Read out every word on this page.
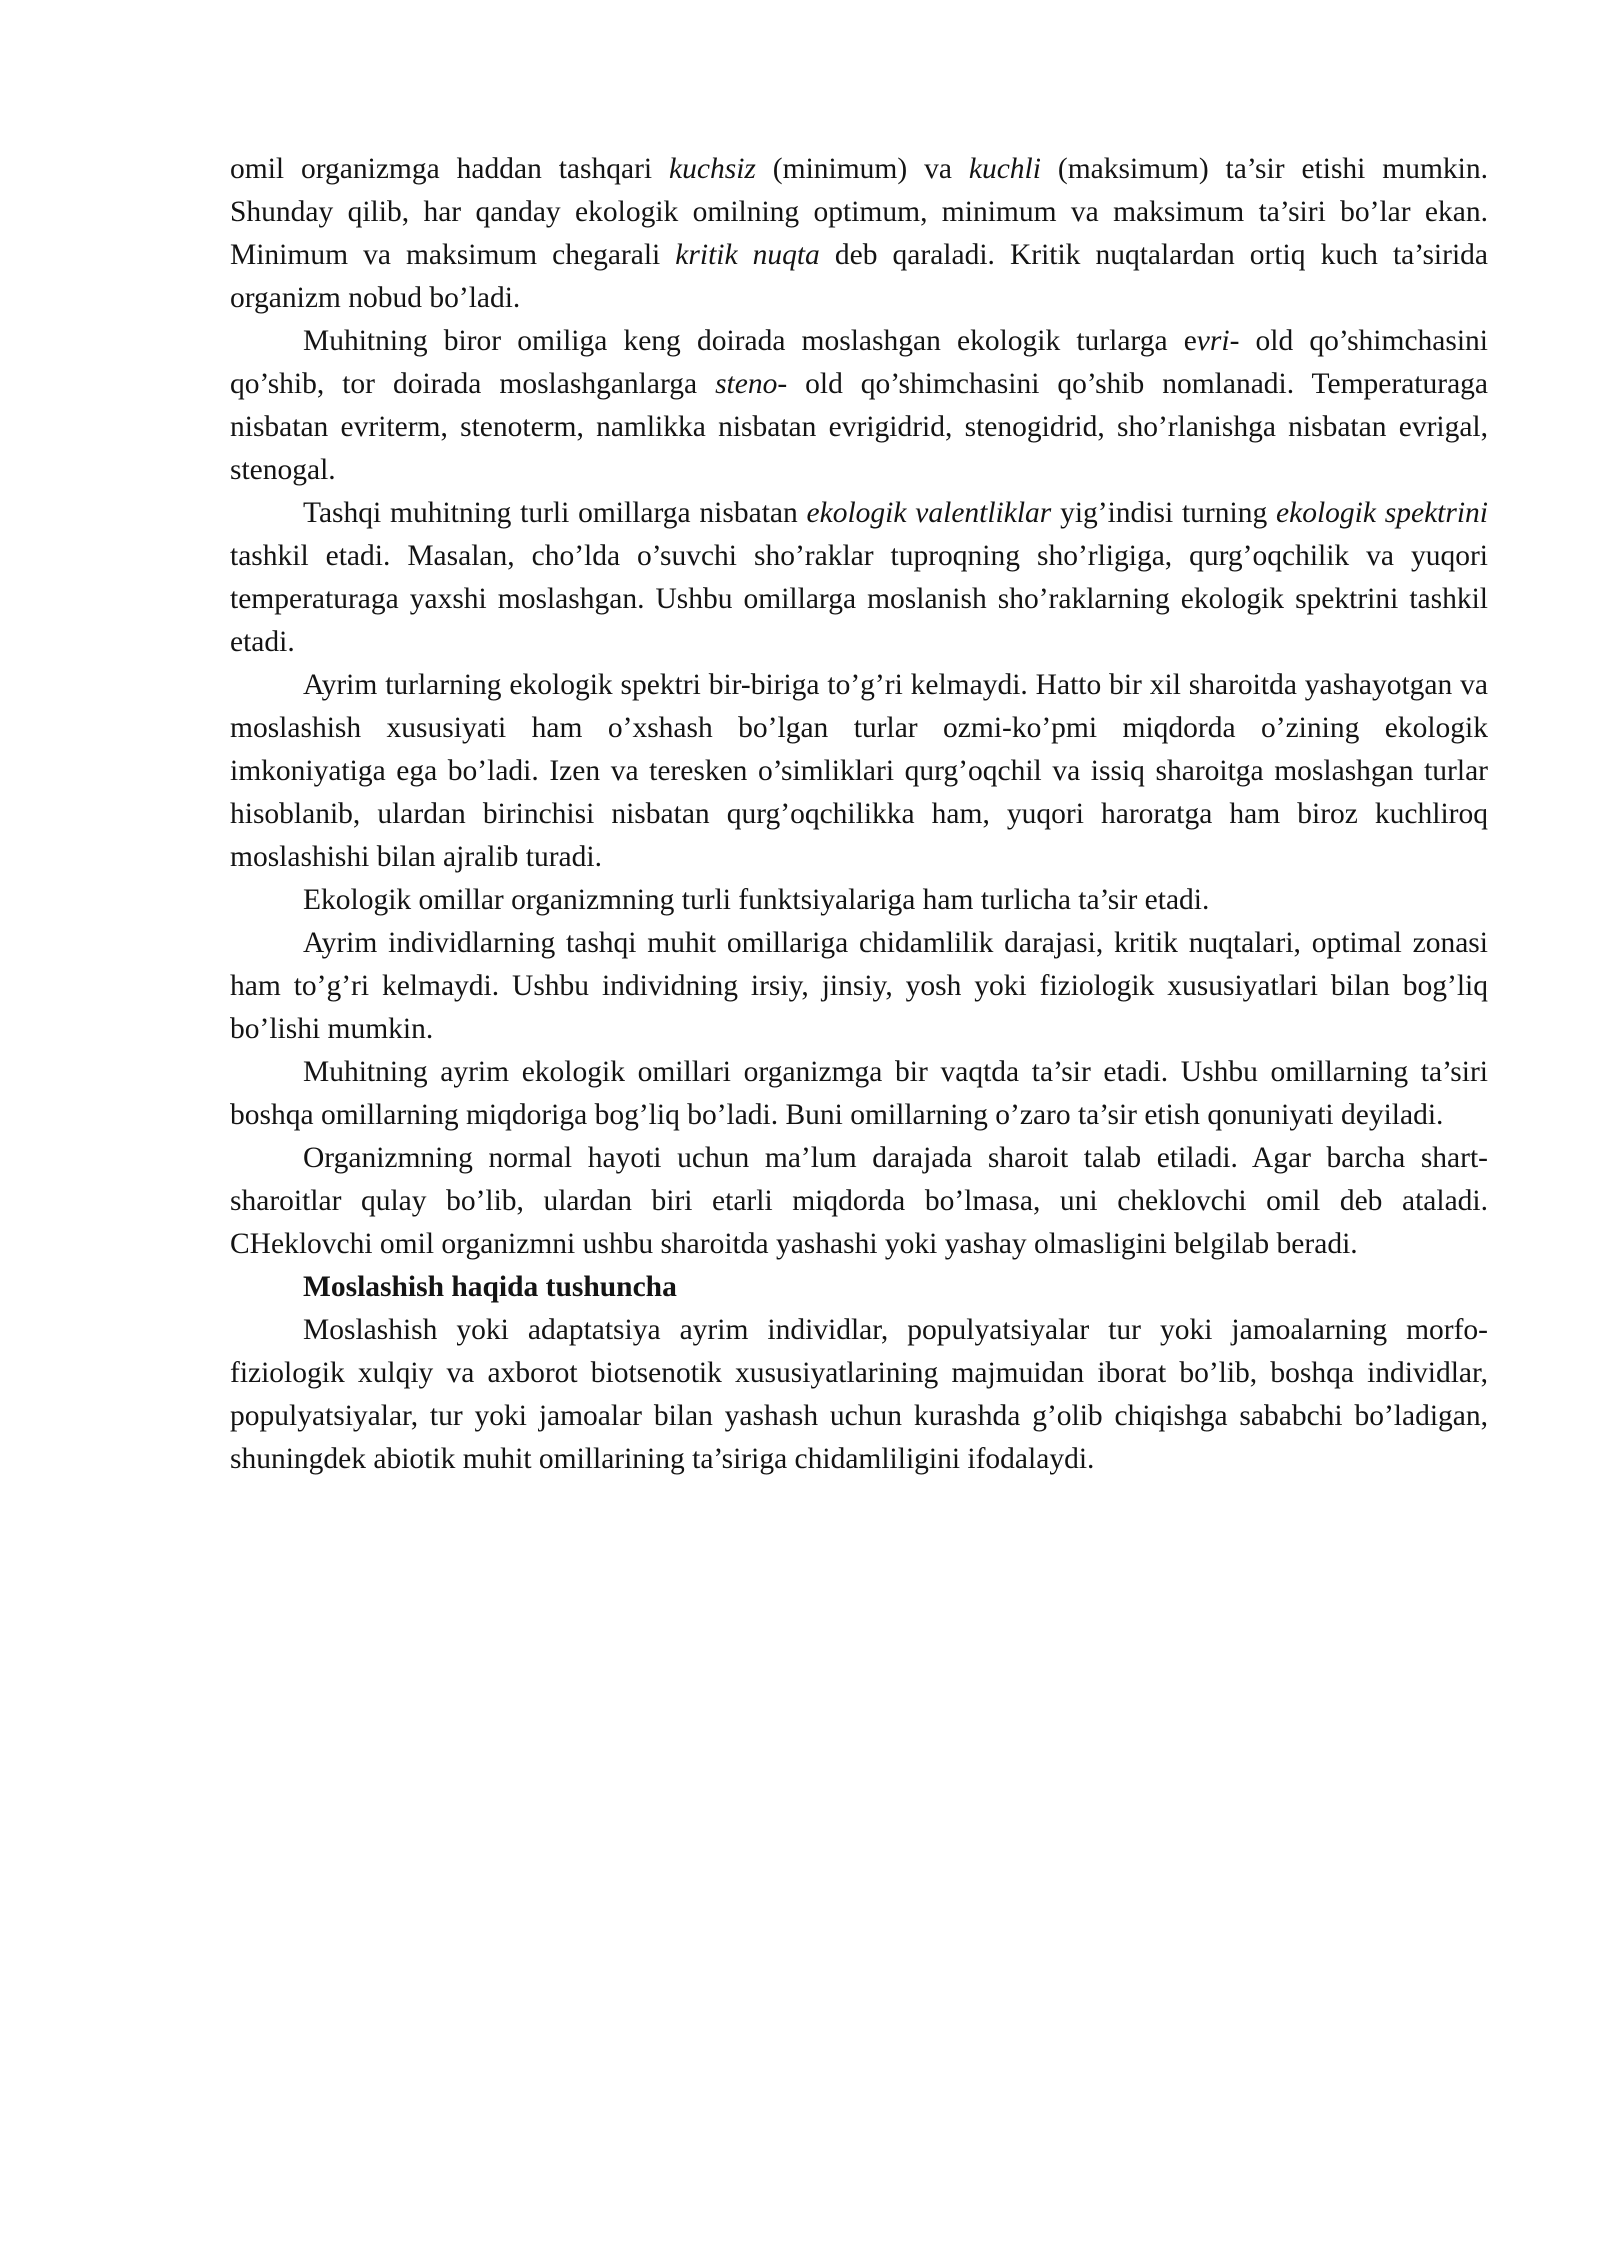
omil organizmga haddan tashqari kuchsiz (minimum) va kuchli (maksimum) ta’sir etishi mumkin. Shunday qilib, har qanday ekologik omilning optimum, minimum va maksimum ta’siri bo’lar ekan. Minimum va maksimum chegarali kritik nuqta deb qaraladi. Kritik nuqtalardan ortiq kuch ta’sirida organizm nobud bo’ladi.

Muhitning biror omiliga keng doirada moslashgan ekologik turlarga evri- old qo’shimchasini qo’shib, tor doirada moslashganlarga steno- old qo’shimchasini qo’shib nomlanadi. Temperaturaga nisbatan evriterm, stenoterm, namlikka nisbatan evrigidrid, stenogidrid, sho’rlanishga nisbatan evrigal, stenogal.

Tashqi muhitning turli omillarga nisbatan ekologik valentliklar yig’indisi turning ekologik spektrini tashkil etadi. Masalan, cho’lda o’suvchi sho’raklar tuproqning sho’rligiga, qurg’oqchilik va yuqori temperaturaga yaxshi moslashgan. Ushbu omillarga moslanish sho’raklarning ekologik spektrini tashkil etadi.

Ayrim turlarning ekologik spektri bir-biriga to’g’ri kelmaydi. Hatto bir xil sharoitda yashayotgan va moslashish xususiyati ham o’xshash bo’lgan turlar ozmi-ko’pmi miqdorda o’zining ekologik imkoniyatiga ega bo’ladi. Izen va teresken o’simliklari qurg’oqchil va issiq sharoitga moslashgan turlar hisoblanib, ulardan birinchisi nisbatan qurg’oqchilikka ham, yuqori haroratga ham biroz kuchliroq moslashishi bilan ajralib turadi.

Ekologik omillar organizmning turli funktsiyalariga ham turlicha ta’sir etadi.

Ayrim individlarning tashqi muhit omillariga chidamlilik darajasi, kritik nuqtalari, optimal zonasi ham to’g’ri kelmaydi. Ushbu individning irsiy, jinsiy, yosh yoki fiziologik xususiyatlari bilan bog’liq bo’lishi mumkin.

Muhitning ayrim ekologik omillari organizmga bir vaqtda ta’sir etadi. Ushbu omillarning ta’siri boshqa omillarning miqdoriga bog’liq bo’ladi. Buni omillarning o’zaro ta’sir etish qonuniyati deyiladi.

Organizmning normal hayoti uchun ma’lum darajada sharoit talab etiladi. Agar barcha shart-sharoitlar qulay bo’lib, ulardan biri etarli miqdorda bo’lmasa, uni cheklovchi omil deb ataladi. CHeklovchi omil organizmni ushbu sharoitda yashashi yoki yashay olmasligini belgilab beradi.

Moslashish haqida tushuncha

Moslashish yoki adaptatsiya ayrim individlar, populyatsiyalar tur yoki jamoalarning morfo-fiziologik xulqiy va axborot biotsenotik xususiyatlarining majmuidan iborat bo’lib, boshqa individlar, populyatsiyalar, tur yoki jamoalar bilan yashash uchun kurashda g’olib chiqishga sababchi bo’ladigan, shuningdek abiotik muhit omillarining ta’siriga chidamliligini ifodalaydi.
